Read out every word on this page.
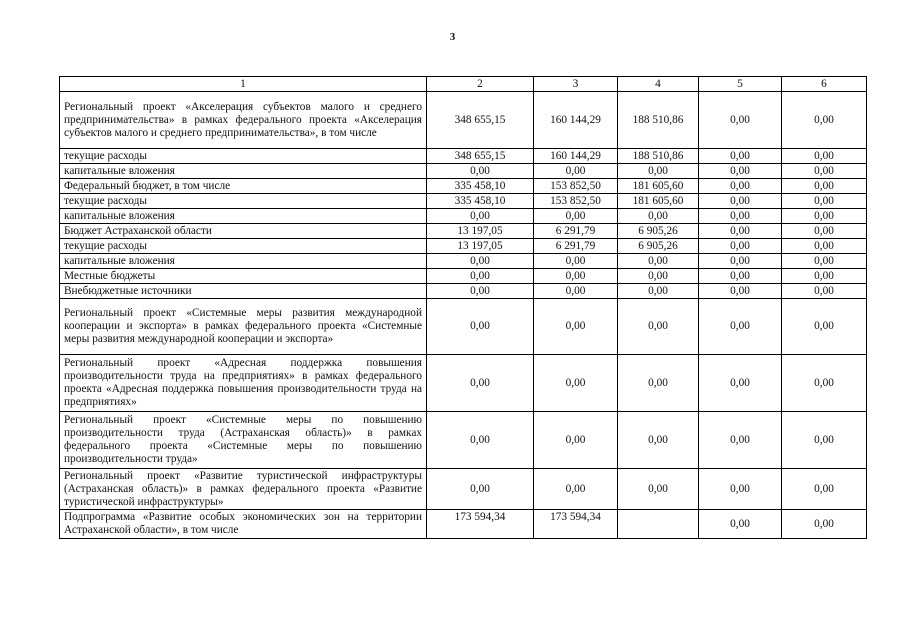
3
1	2	3	4	5	6
Региональный проект «Акселерация субъектов малого и среднего предпринимательства» в рамках федерального проекта «Акселерация субъектов малого и среднего предпринимательства», в том числе	348 655,15	160 144,29	188 510,86	0,00	0,00
текущие расходы	348 655,15	160 144,29	188 510,86	0,00	0,00
капитальные вложения	0,00	0,00	0,00	0,00	0,00
Федеральный бюджет, в том числе	335 458,10	153 852,50	181 605,60	0,00	0,00
текущие расходы	335 458,10	153 852,50	181 605,60	0,00	0,00
капитальные вложения	0,00	0,00	0,00	0,00	0,00
Бюджет Астраханской области	13 197,05	6 291,79	6 905,26	0,00	0,00
текущие расходы	13 197,05	6 291,79	6 905,26	0,00	0,00
капитальные вложения	0,00	0,00	0,00	0,00	0,00
Местные бюджеты	0,00	0,00	0,00	0,00	0,00
Внебюджетные источники	0,00	0,00	0,00	0,00	0,00
Региональный проект «Системные меры развития международной кооперации и экспорта» в рамках федерального проекта «Системные меры развития международной кооперации и экспорта»	0,00	0,00	0,00	0,00	0,00
Региональный проект «Адресная поддержка повышения производительности труда на предприятиях» в рамках федерального проекта «Адресная поддержка повышения производительности труда на предприятиях»	0,00	0,00	0,00	0,00	0,00
Региональный проект «Системные меры по повышению производительности труда (Астраханская область)» в рамках федерального проекта «Системные меры по повышению производительности труда»	0,00	0,00	0,00	0,00	0,00
Региональный проект «Развитие туристической инфраструктуры (Астраханская область)» в рамках федерального проекта «Развитие туристической инфраструктуры»	0,00	0,00	0,00	0,00	0,00
Подпрограмма «Развитие особых экономических зон на территории Астраханской области», в том числе	173 594,34	173 594,34		0,00	0,00
